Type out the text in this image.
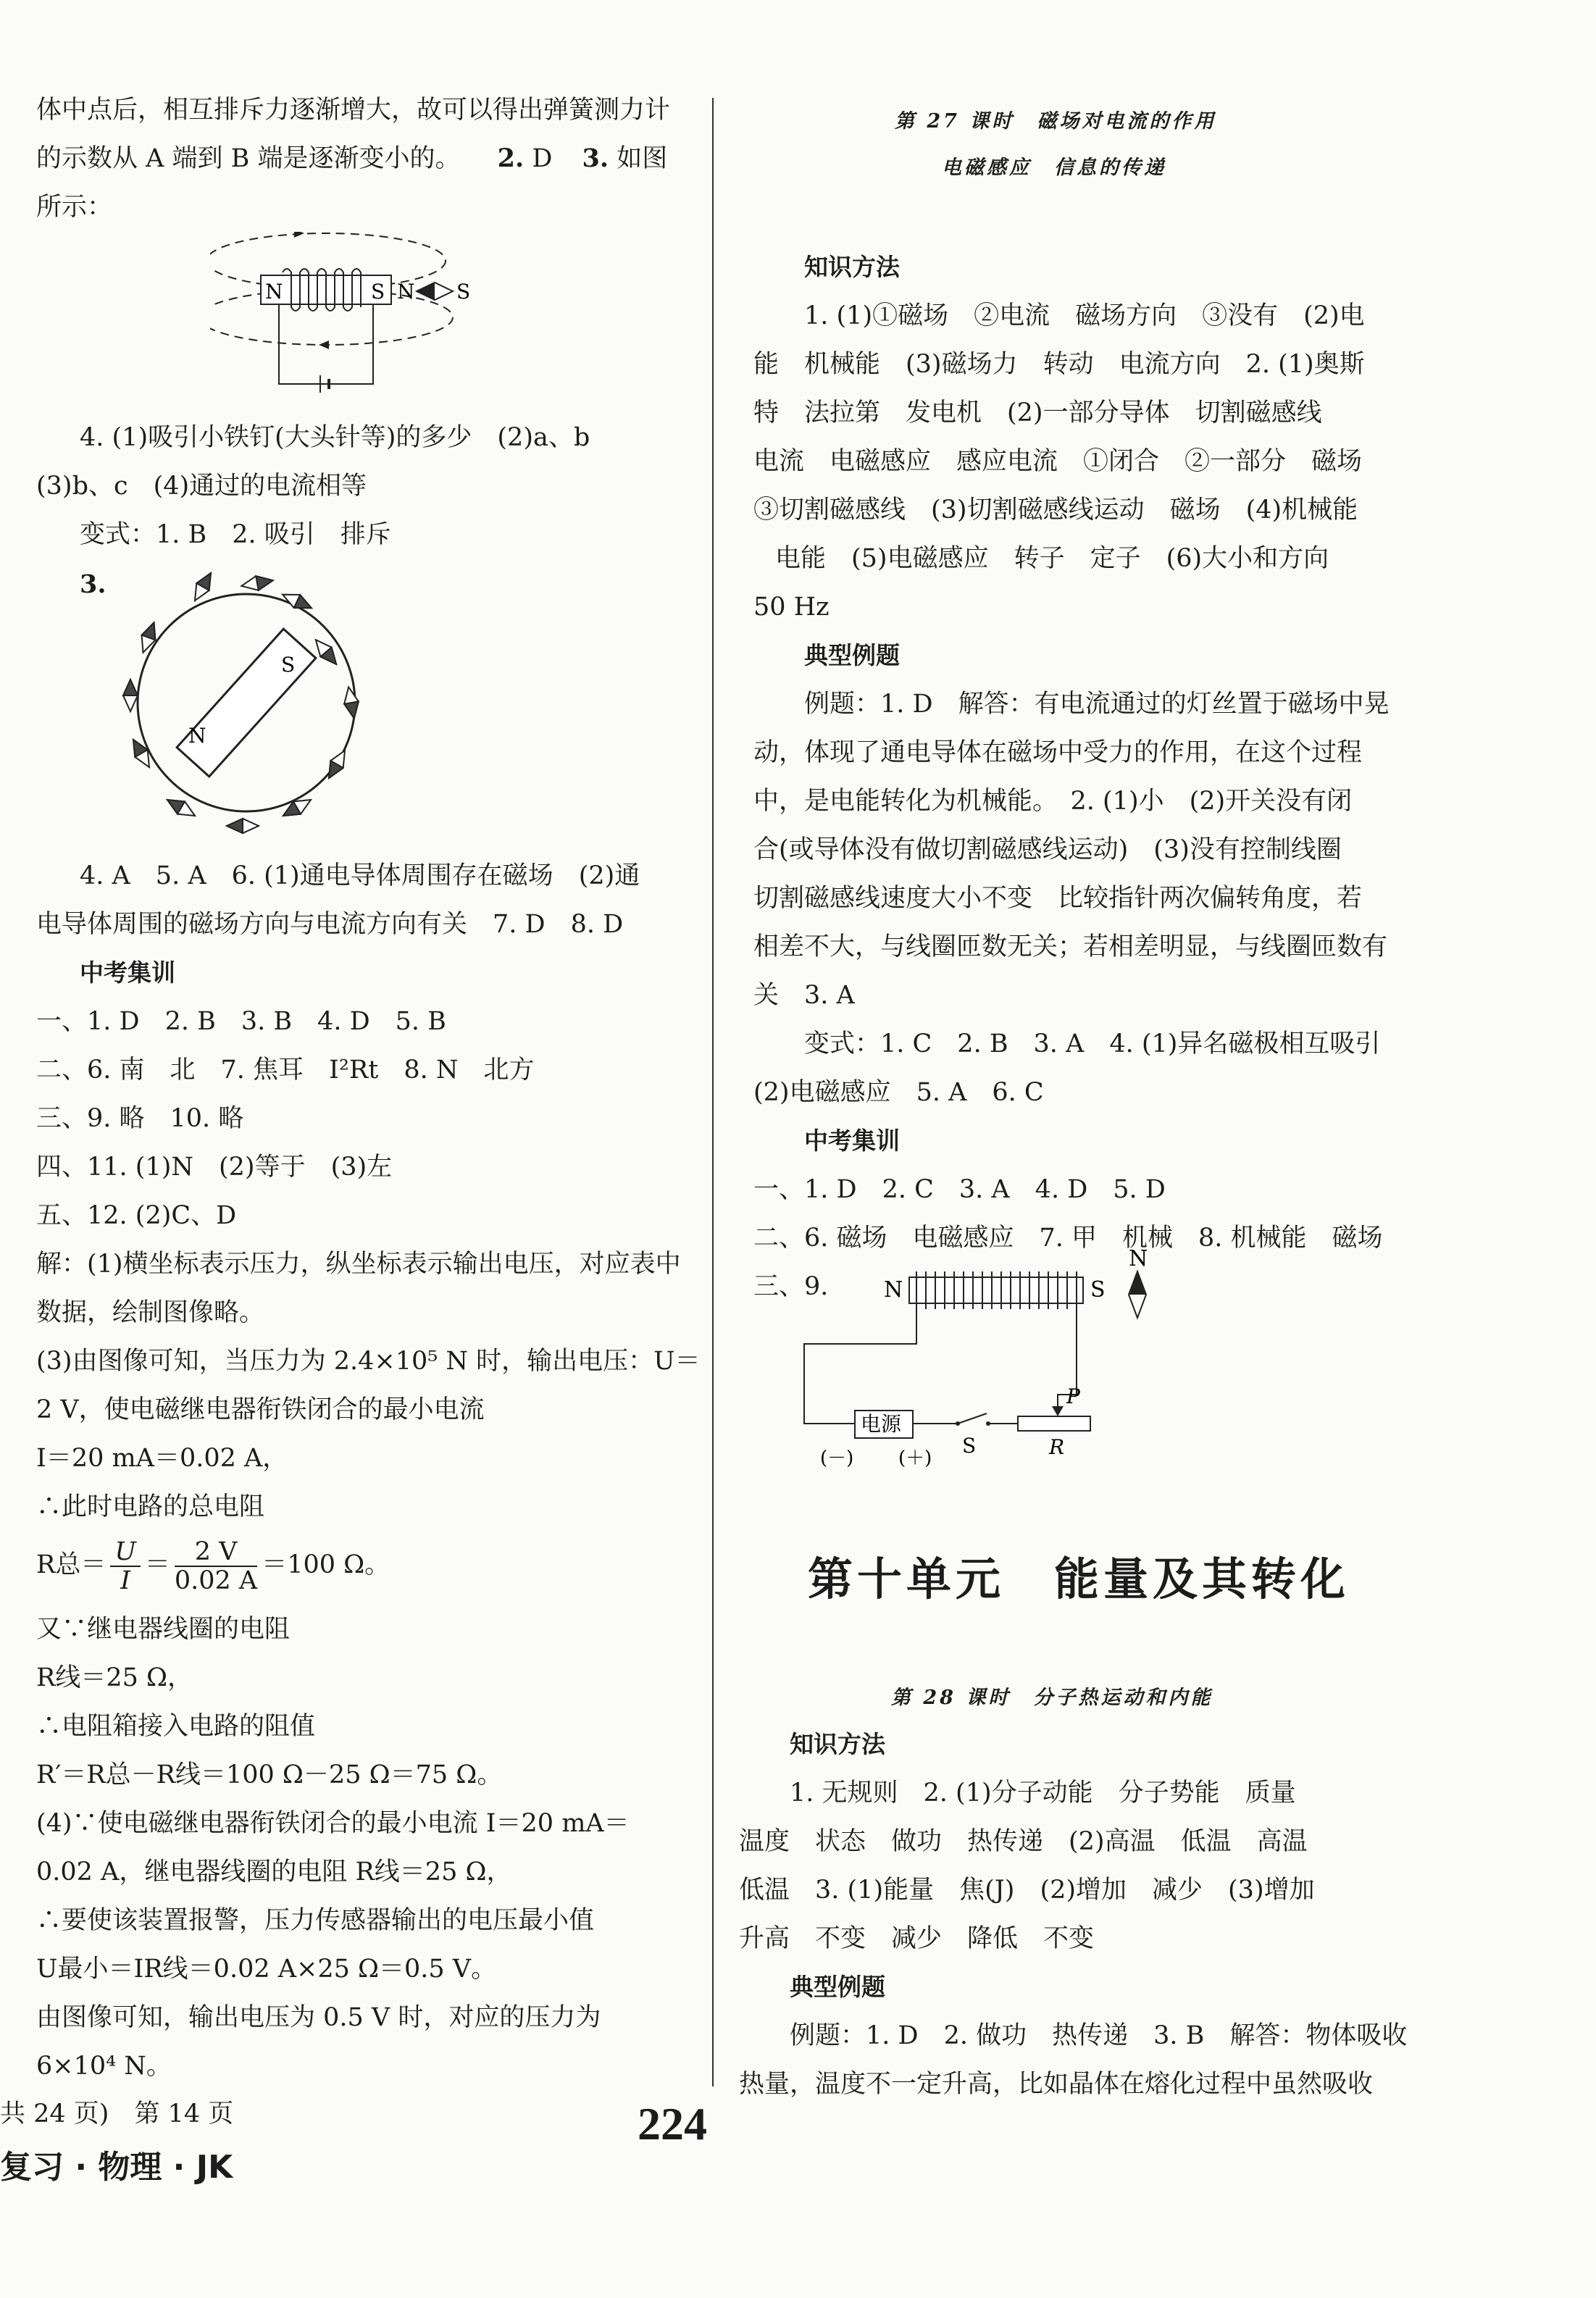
体中点后，相互排斥力逐渐增大，故可以得出弹簧测力计
的示数从 A 端到 B 端是逐渐变小的。 2. D 3. 如图
所示：
N	S N S
4. (1)吸引小铁钉(大头针等)的多少　(2)a、b
(3)b、c　(4)通过的电流相等
变式：1. B　2. 吸引　排斥
3.
S
N
4. A　5. A　6. (1)通电导体周围存在磁场　(2)通
电导体周围的磁场方向与电流方向有关　7. D　8. D
中考集训
一、1. D　2. B　3. B　4. D　5. B
二、6. 南　北　7. 焦耳　I²Rt　8. N　北方
三、9. 略　10. 略
四、11. (1)N　(2)等于　(3)左
五、12. (2)C、D
解：(1)横坐标表示压力，纵坐标表示输出电压，对应表中
数据，绘制图像略。
(3)由图像可知，当压力为 2.4×10⁵ N 时，输出电压：U＝
2 V，使电磁继电器衔铁闭合的最小电流
I＝20 mA＝0.02 A，
∴此时电路的总电阻
R总＝ $\frac{U}{I} = \frac{2 V}{0.02 A} =100$ Ω。
又∵继电器线圈的电阻
R线＝25 Ω，
∴电阻箱接入电路的阻值
R′＝R总－R线＝100 Ω－25 Ω＝75 Ω。
(4)∵使电磁继电器衔铁闭合的最小电流 I＝20 mA＝
0.02 A，继电器线圈的电阻 R线＝25 Ω，
∴要使该装置报警，压力传感器输出的电压最小值
U最小＝IR线＝0.02 A×25 Ω＝0.5 V。
由图像可知，输出电压为 0.5 V 时，对应的压力为
6×10⁴ N。
第 27 课时　磁场对电流的作用
电磁感应　信息的传递
知识方法
1. (1)①磁场　②电流　磁场方向　③没有　(2)电
能　机械能　(3)磁场力　转动　电流方向　2. (1)奥斯
特　法拉第　发电机　(2)一部分导体　切割磁感线
电流　电磁感应　感应电流　①闭合　②一部分　磁场
③切割磁感线　(3)切割磁感线运动　磁场　(4)机械能
电能　(5)电磁感应　转子　定子　(6)大小和方向
50 Hz
典型例题
例题：1. D　解答：有电流通过的灯丝置于磁场中晃
动，体现了通电导体在磁场中受力的作用，在这个过程
中，是电能转化为机械能。　2. (1)小　(2)开关没有闭
合(或导体没有做切割磁感线运动)　(3)没有控制线圈
切割磁感线速度大小不变　比较指针两次偏转角度，若
相差不大，与线圈匝数无关；若相差明显，与线圈匝数有
关　3. A
变式：1. C　2. B　3. A　4. (1)异名磁极相互吸引
(2)电磁感应　5. A　6. C
中考集训
一、1. D　2. C　3. A　4. D　5. D
二、6. 磁场　电磁感应　7. 甲　机械　8. 机械能　磁场
三、9.	N	S
N
电源
(－) (＋)
S	R
P
第十单元　能量及其转化
第 28 课时　分子热运动和内能
知识方法
1. 无规则　2. (1)分子动能　分子势能　质量
温度　状态　做功　热传递　(2)高温　低温　高温
低温　3. (1)能量　焦(J)　(2)增加　减少　(3)增加
升高　不变　减少　降低　不变
典型例题
例题：1. D　2. 做功　热传递　3. B　解答：物体吸收
热量，温度不一定升高，比如晶体在熔化过程中虽然吸收
共 24 页)　第 14 页	224
复习 · 物理 · JK
